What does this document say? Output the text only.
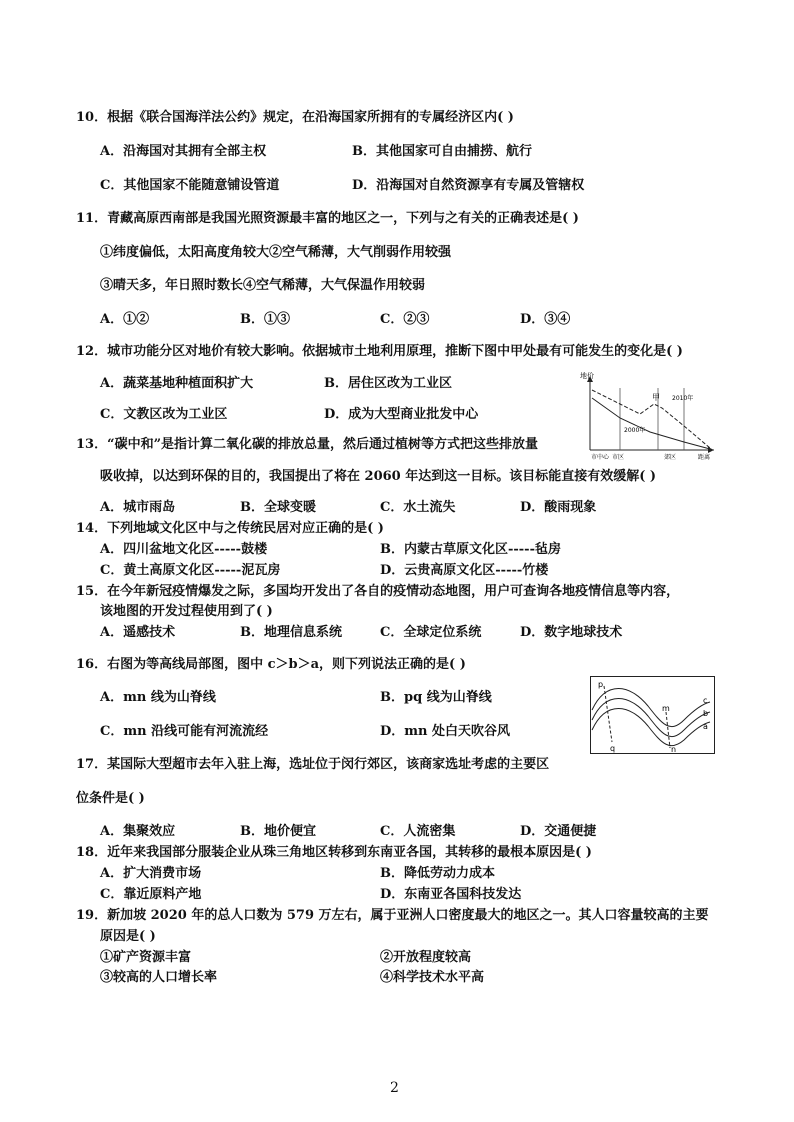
10．根据《联合国海洋法公约》规定，在沿海国家所拥有的专属经济区内( )
A．沿海国对其拥有全部主权	B．其他国家可自由捕捞、航行
C．其他国家不能随意铺设管道	D．沿海国对自然资源享有专属及管辖权
11．青藏高原西南部是我国光照资源最丰富的地区之一，下列与之有关的正确表述是( )
①纬度偏低，太阳高度角较大②空气稀薄，大气削弱作用较强
③晴天多，年日照时数长④空气稀薄，大气保温作用较弱
A．①②	B．①③	C．②③	D．③④
12．城市功能分区对地价有较大影响。依据城市土地利用原理，推断下图中甲处最有可能发生的变化是( )
A．蔬菜基地种植面积扩大	B．居住区改为工业区
C．文教区改为工业区	D．成为大型商业批发中心
地价
2010年
2000年
甲
市中心 市区	郊区	距离
13．“碳中和”是指计算二氧化碳的排放总量，然后通过植树等方式把这些排放量
吸收掉，以达到环保的目的，我国提出了将在 2060 年达到这一目标。该目标能直接有效缓解( )
A．城市雨岛	B．全球变暖	C．水土流失	D．酸雨现象
14．下列地域文化区中与之传统民居对应正确的是( )
A．四川盆地文化区-----鼓楼	B．内蒙古草原文化区-----毡房
C．黄土高原文化区-----泥瓦房	D．云贵高原文化区-----竹楼
15．在今年新冠疫情爆发之际，多国均开发出了各自的疫情动态地图，用户可查询各地疫情信息等内容，
该地图的开发过程使用到了( )
A．遥感技术	B．地理信息系统	C．全球定位系统	D．数字地球技术
16．右图为等高线局部图，图中 c＞b＞a，则下列说法正确的是( )
A．mn 线为山脊线	B．pq 线为山脊线
C．mn 沿线可能有河流流经	D．mn 处白天吹谷风
p
q
m
n
c
b
a
17．某国际大型超市去年入驻上海，选址位于闵行郊区，该商家选址考虑的主要区
位条件是( )
A．集聚效应	B．地价便宜	C．人流密集	D．交通便捷
18．近年来我国部分服装企业从珠三角地区转移到东南亚各国，其转移的最根本原因是( )
A．扩大消费市场	B．降低劳动力成本
C．靠近原料产地	D．东南亚各国科技发达
19．新加坡 2020 年的总人口数为 579 万左右，属于亚洲人口密度最大的地区之一。其人口容量较高的主要
原因是( )
①矿产资源丰富	②开放程度较高
③较高的人口增长率	④科学技术水平高
2
